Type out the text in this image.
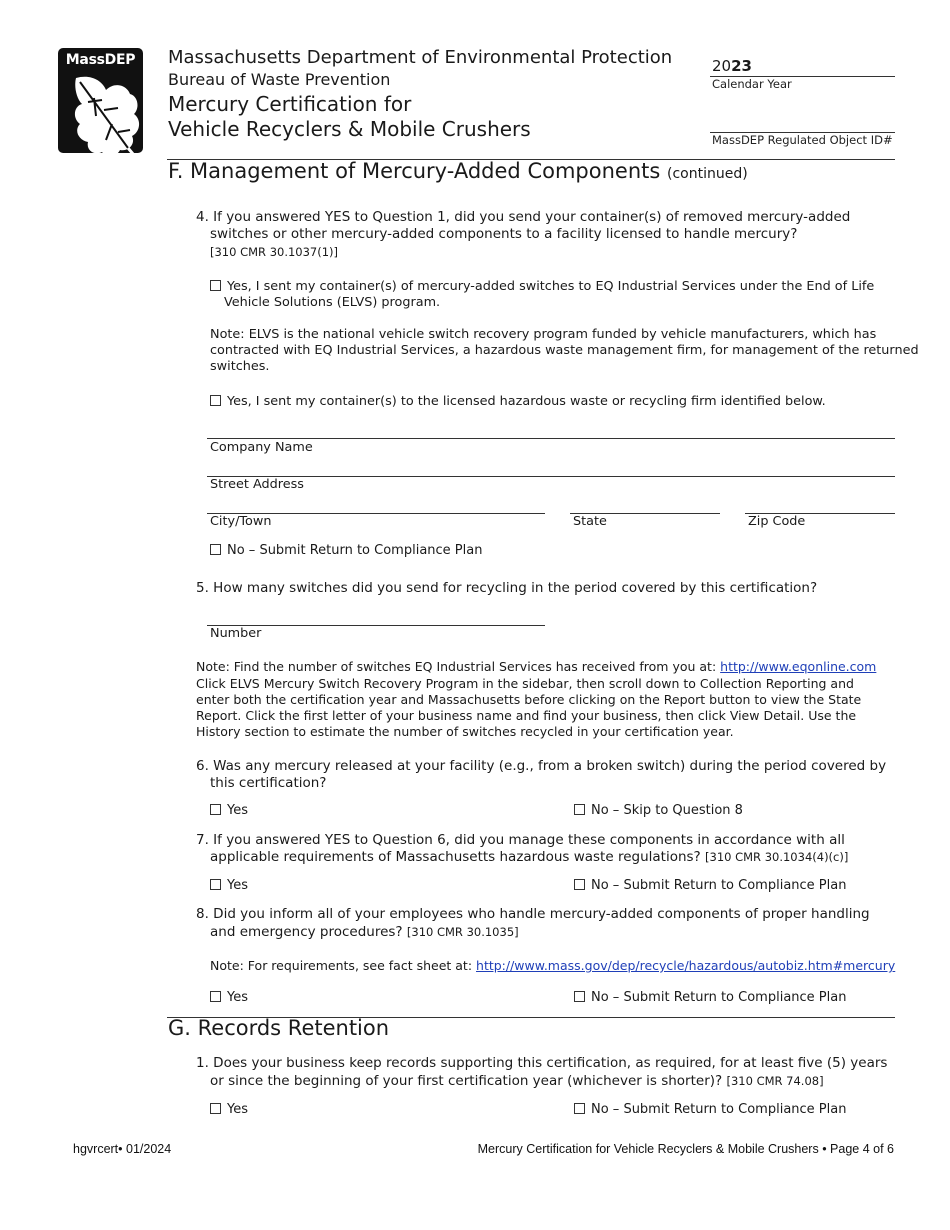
MassDEP	Massachusetts Department of Environmental Protection
Bureau of Waste Prevention
Mercury Certification for
Vehicle Recyclers & Mobile Crushers
2023
Calendar Year
MassDEP Regulated Object ID#
F. Management of Mercury-Added Components (continued)
4. If you answered YES to Question 1, did you send your container(s) of removed mercury-added
switches or other mercury-added components to a facility licensed to handle mercury?
[310 CMR 30.1037(1)]
Yes, I sent my container(s) of mercury-added switches to EQ Industrial Services under the End of Life
Vehicle Solutions (ELVS) program.
Note: ELVS is the national vehicle switch recovery program funded by vehicle manufacturers, which has
contracted with EQ Industrial Services, a hazardous waste management firm, for management of the returned
switches.
Yes, I sent my container(s) to the licensed hazardous waste or recycling firm identified below.
Company Name
Street Address
City/Town	State	Zip Code
No – Submit Return to Compliance Plan
5. How many switches did you send for recycling in the period covered by this certification?
Number
Note: Find the number of switches EQ Industrial Services has received from you at: http://www.eqonline.com
Click ELVS Mercury Switch Recovery Program in the sidebar, then scroll down to Collection Reporting and
enter both the certification year and Massachusetts before clicking on the Report button to view the State
Report. Click the first letter of your business name and find your business, then click View Detail. Use the
History section to estimate the number of switches recycled in your certification year.
6. Was any mercury released at your facility (e.g., from a broken switch) during the period covered by
this certification?
Yes	No – Skip to Question 8
7. If you answered YES to Question 6, did you manage these components in accordance with all
applicable requirements of Massachusetts hazardous waste regulations? [310 CMR 30.1034(4)(c)]
Yes	No – Submit Return to Compliance Plan
8. Did you inform all of your employees who handle mercury-added components of proper handling
and emergency procedures? [310 CMR 30.1035]
Note: For requirements, see fact sheet at: http://www.mass.gov/dep/recycle/hazardous/autobiz.htm#mercury
Yes	No – Submit Return to Compliance Plan
G. Records Retention
1. Does your business keep records supporting this certification, as required, for at least five (5) years
or since the beginning of your first certification year (whichever is shorter)? [310 CMR 74.08]
Yes	No – Submit Return to Compliance Plan
hgvrcert• 01/2024	Mercury Certification for Vehicle Recyclers & Mobile Crushers • Page 4 of 6
